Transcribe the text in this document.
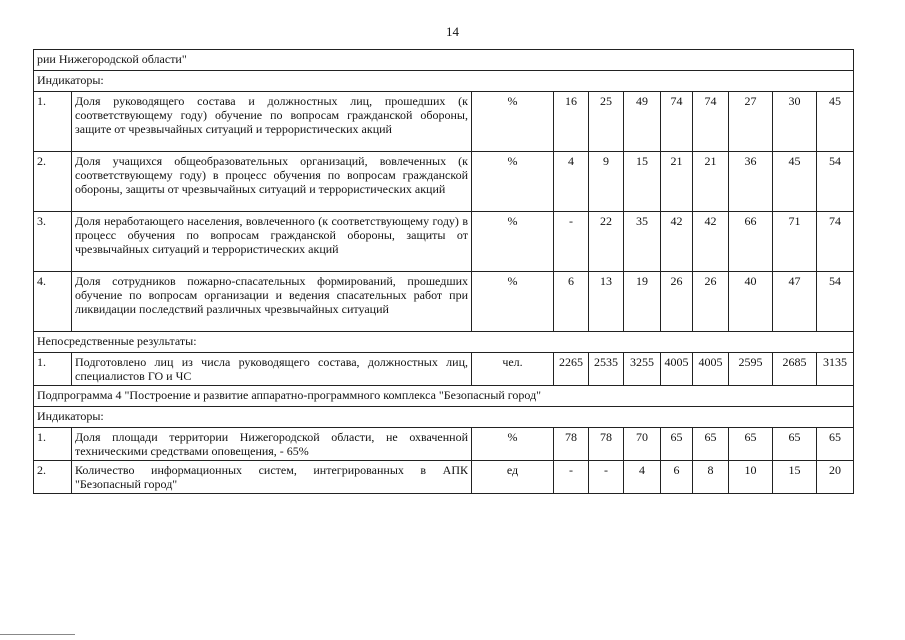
14
рии Нижегородской области"										
Индикаторы:										
1.	Доля руководящего состава и должностных лиц, прошедших (к соответствующему году) обучение по вопросам гражданской обороны, защите от чрезвычайных ситуаций и террористических акций	%	16	25	49	74	74	27	30	45
2.	Доля учащихся общеобразовательных организаций, вовлеченных (к соответствующему году) в процесс обучения по вопросам гражданской обороны, защиты от чрезвычайных ситуаций и террористических акций	%	4	9	15	21	21	36	45	54
3.	Доля неработающего населения, вовлеченного (к соответствующему году) в процесс обучения по вопросам гражданской обороны, защиты от чрезвычайных ситуаций и террористических акций	%	-	22	35	42	42	66	71	74
4.	Доля сотрудников пожарно-спасательных формирований, прошедших обучение по вопросам организации и ведения спасательных работ при ликвидации последствий различных чрезвычайных ситуаций	%	6	13	19	26	26	40	47	54
Непосредственные результаты:										
1.	Подготовлено лиц из числа руководящего состава, должностных лиц, специалистов ГО и ЧС	чел.	2265	2535	3255	4005	4005	2595	2685	3135
Подпрограмма 4 "Построение и развитие аппаратно-программного комплекса "Безопасный город"										
Индикаторы:										
1.	Доля площади территории Нижегородской области, не охваченной техническими средствами оповещения, - 65%	%	78	78	70	65	65	65	65	65
2.	Количество информационных систем, интегрированных в АПК "Безопасный город"	ед	-	-	4	6	8	10	15	20
